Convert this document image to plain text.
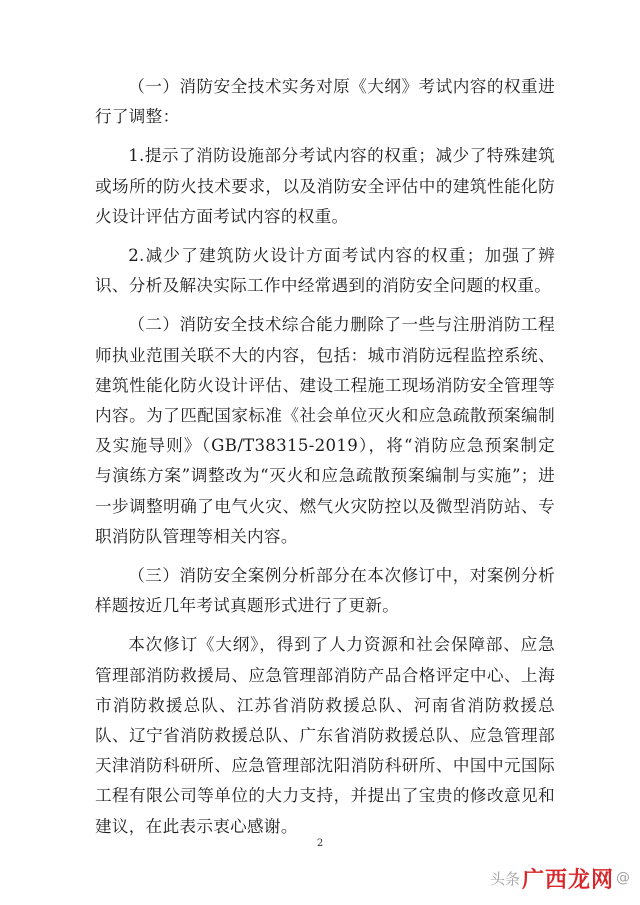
（一）消防安全技术实务对原《大纲》考试内容的权重进行了调整：

1.提示了消防设施部分考试内容的权重；减少了特殊建筑或场所的防火技术要求，以及消防安全评估中的建筑性能化防火设计评估方面考试内容的权重。

2.减少了建筑防火设计方面考试内容的权重；加强了辨识、分析及解决实际工作中经常遇到的消防安全问题的权重。

（二）消防安全技术综合能力删除了一些与注册消防工程师执业范围关联不大的内容，包括：城市消防远程监控系统、建筑性能化防火设计评估、建设工程施工现场消防安全管理等内容。为了匹配国家标准《社会单位灭火和应急疏散预案编制及实施导则》（GB/T38315-2019），将“消防应急预案制定与演练方案”调整改为“灭火和应急疏散预案编制与实施”；进一步调整明确了电气火灾、燃气火灾防控以及微型消防站、专职消防队管理等相关内容。

（三）消防安全案例分析部分在本次修订中，对案例分析样题按近几年考试真题形式进行了更新。

本次修订《大纲》，得到了人力资源和社会保障部、应急管理部消防救援局、应急管理部消防产品合格评定中心、上海市消防救援总队、江苏省消防救援总队、河南省消防救援总队、辽宁省消防救援总队、广东省消防救援总队、应急管理部天津消防科研所、应急管理部沈阳消防科研所、中国中元国际工程有限公司等单位的大力支持，并提出了宝贵的修改意见和建议，在此表示衷心感谢。

2
头条 广西龙网 @
